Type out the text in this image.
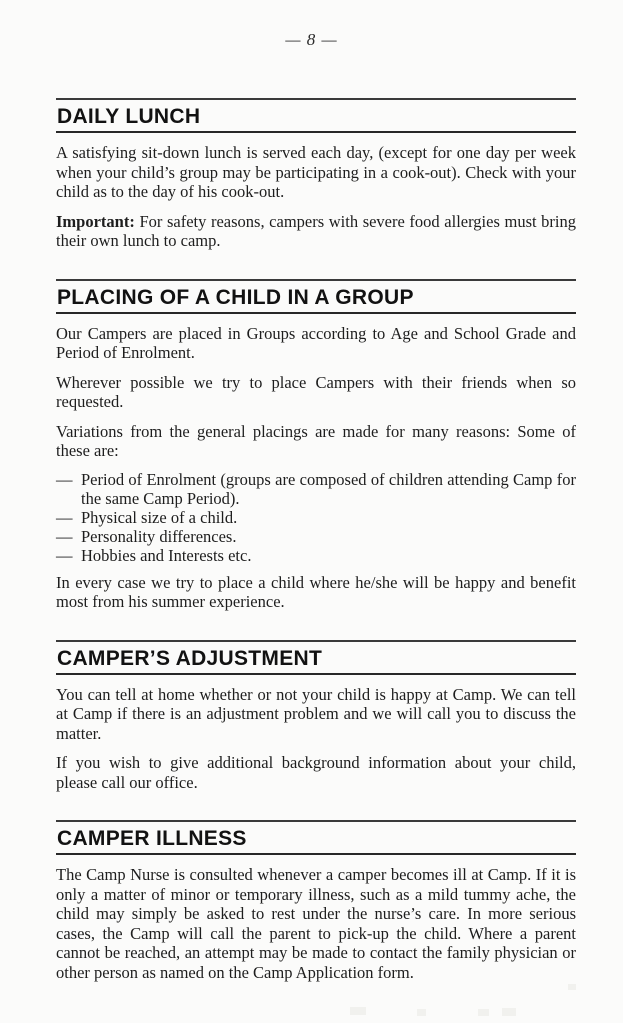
— 8 —
DAILY LUNCH

A satisfying sit-down lunch is served each day, (except for one day per week when your child’s group may be participating in a cook-out). Check with your child as to the day of his cook-out.

Important: For safety reasons, campers with severe food allergies must bring their own lunch to camp.

PLACING OF A CHILD IN A GROUP

Our Campers are placed in Groups according to Age and School Grade and Period of Enrolment.

Wherever possible we try to place Campers with their friends when so requested.

Variations from the general placings are made for many reasons: Some of these are:

— Period of Enrolment (groups are composed of children attending Camp for the same Camp Period).
— Physical size of a child.
— Personality differences.
— Hobbies and Interests etc.

In every case we try to place a child where he/she will be happy and benefit most from his summer experience.

CAMPER’S ADJUSTMENT

You can tell at home whether or not your child is happy at Camp. We can tell at Camp if there is an adjustment problem and we will call you to discuss the matter.

If you wish to give additional background information about your child, please call our office.

CAMPER ILLNESS

The Camp Nurse is consulted whenever a camper becomes ill at Camp. If it is only a matter of minor or temporary illness, such as a mild tummy ache, the child may simply be asked to rest under the nurse’s care. In more serious cases, the Camp will call the parent to pick-up the child. Where a parent cannot be reached, an attempt may be made to contact the family physician or other person as named on the Camp Application form.
